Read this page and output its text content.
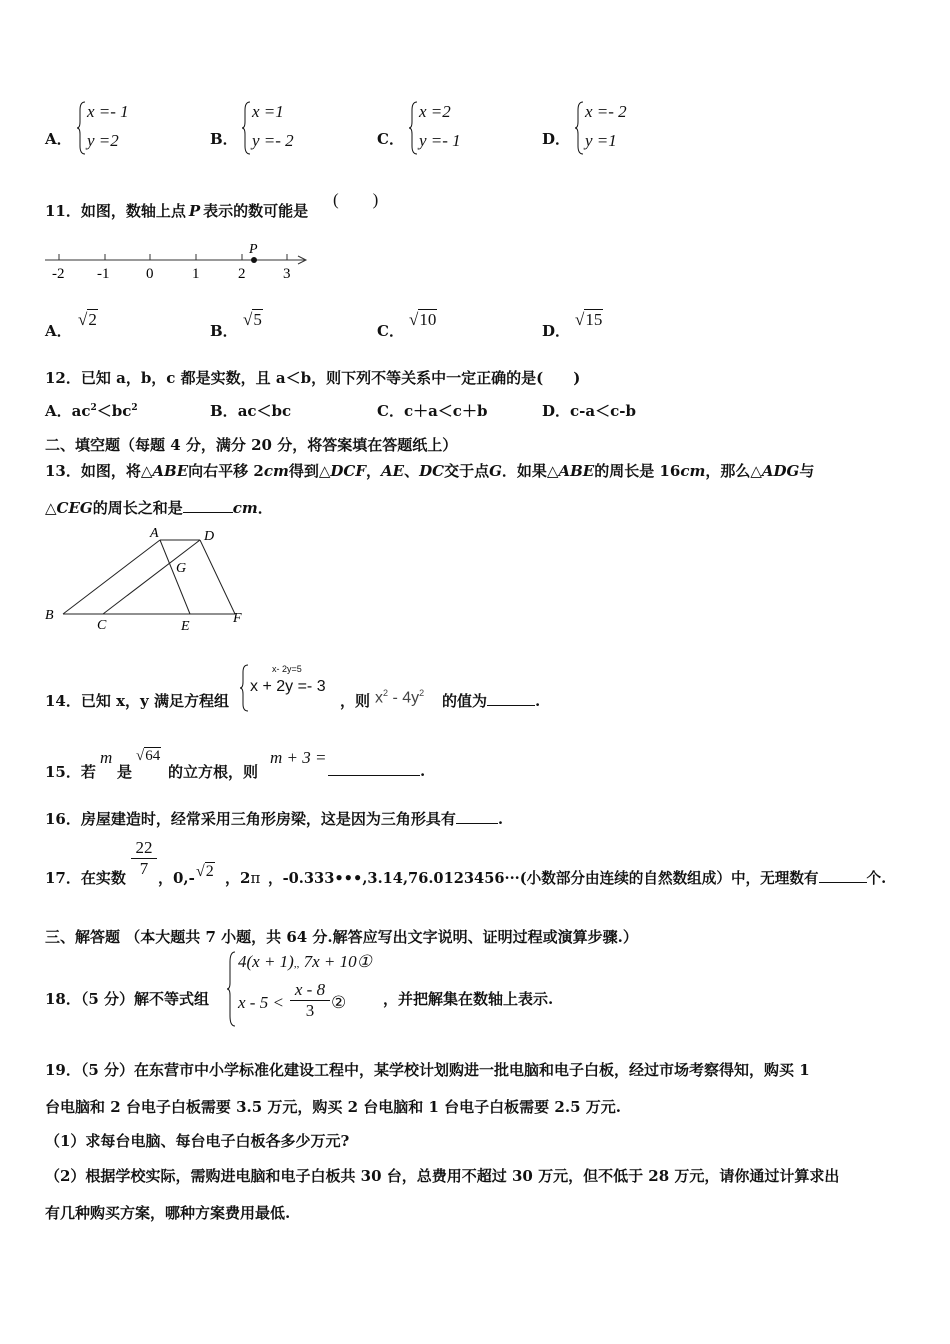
A．
x =- 1
y =2	B．
x =1
y =- 2	C．
x =2
y =- 1	D．
x =- 2
y =1
11．如图，数轴上点 P 表示的数可能是
(　　)
-2 -1 0	1	2	3
P
A．
√2
B．
√5
C．
√10
D．
√15
12．已知 a，b，c 都是实数，且 a＜b，则下列不等关系中一定正确的是(　　)
A．$ac^2<bc^2$	B．ac＜bc	C．c＋a＜c＋b	D．c-a＜c-b
二、填空题（每题 4 分，满分 20 分，将答案填在答题纸上）
13．如图，将△ABE向右平移 2cm得到△DCF，AE、DC交于点G．如果△ABE的周长是 16cm，那么△ADG与
△CEG的周长之和是	cm．
A	D
G
B
C	E
F
14．已知 x，y 满足方程组
x- 2y=5
x + 2y =- 3
，则 $x^2 - 4y^2$ 的值为	.
15．若
m
是
√64
的立方根，则
m + 3 =
.
16．房屋建造时，经常采用三角形房梁，这是因为三角形具有	.
17．在实数 $\frac{22}{7}$ ，0,- √2 ，2π ，-0.333•••,3.14,76.0123456···(小数部分由连续的自然数组成）中，无理数有	个.
三、解答题 （本大题共 7 小题，共 64 分.解答应写出文字说明、证明过程或演算步骤.）
18．（5 分）解不等式组
4(x + 1),, 7x + 10①
$x - 5 < \frac{x - 8}{3}$ ② ，并把解集在数轴上表示.
19．（5 分）在东营市中小学标准化建设工程中，某学校计划购进一批电脑和电子白板，经过市场考察得知，购买 1
台电脑和 2 台电子白板需要 3.5 万元，购买 2 台电脑和 1 台电子白板需要 2.5 万元.
（1）求每台电脑、每台电子白板各多少万元?
（2）根据学校实际，需购进电脑和电子白板共 30 台，总费用不超过 30 万元，但不低于 28 万元，请你通过计算求出
有几种购买方案，哪种方案费用最低.
